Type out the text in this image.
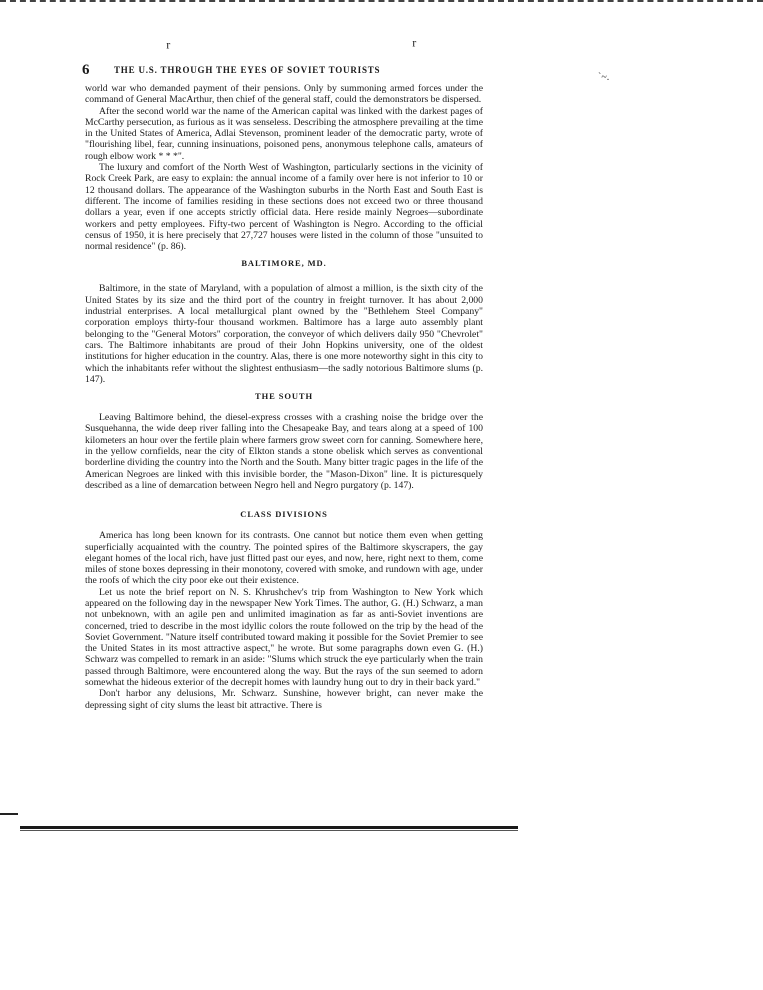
ʳ	ʳ
6	THE U.S. THROUGH THE EYES OF SOVIET TOURISTS
`~.

world war who demanded payment of their pensions. Only by summoning armed forces under the command of General MacArthur, then chief of the general staff, could the demonstrators be dispersed.

After the second world war the name of the American capital was linked with the darkest pages of McCarthy persecution, as furious as it was senseless. Describing the atmosphere prevailing at the time in the United States of America, Adlai Stevenson, prominent leader of the democratic party, wrote of "flourishing libel, fear, cunning insinuations, poisoned pens, anonymous telephone calls, amateurs of rough elbow work * * *".

The luxury and comfort of the North West of Washington, particularly sections in the vicinity of Rock Creek Park, are easy to explain: the annual income of a family over here is not inferior to 10 or 12 thousand dollars. The appearance of the Washington suburbs in the North East and South East is different. The income of families residing in these sections does not exceed two or three thousand dollars a year, even if one accepts strictly official data. Here reside mainly Negroes—subordinate workers and petty employees. Fifty-two percent of Washington is Negro. According to the official census of 1950, it is here precisely that 27,727 houses were listed in the column of those "unsuited to normal residence" (p. 86).

BALTIMORE, MD.

Baltimore, in the state of Maryland, with a population of almost a million, is the sixth city of the United States by its size and the third port of the country in freight turnover. It has about 2,000 industrial enterprises. A local metallurgical plant owned by the "Bethlehem Steel Company" corporation employs thirty-four thousand workmen. Baltimore has a large auto assembly plant belonging to the "General Motors" corporation, the conveyor of which delivers daily 950 "Chevrolet" cars. The Baltimore inhabitants are proud of their John Hopkins university, one of the oldest institutions for higher education in the country. Alas, there is one more noteworthy sight in this city to which the inhabitants refer without the slightest enthusiasm—the sadly notorious Baltimore slums (p. 147).

THE SOUTH

Leaving Baltimore behind, the diesel-express crosses with a crashing noise the bridge over the Susquehanna, the wide deep river falling into the Chesapeake Bay, and tears along at a speed of 100 kilometers an hour over the fertile plain where farmers grow sweet corn for canning. Somewhere here, in the yellow cornfields, near the city of Elkton stands a stone obelisk which serves as conventional borderline dividing the country into the North and the South. Many bitter tragic pages in the life of the American Negroes are linked with this invisible border, the "Mason-Dixon" line. It is picturesquely described as a line of demarcation between Negro hell and Negro purgatory (p. 147).

CLASS DIVISIONS

America has long been known for its contrasts. One cannot but notice them even when getting superficially acquainted with the country. The pointed spires of the Baltimore skyscrapers, the gay elegant homes of the local rich, have just flitted past our eyes, and now, here, right next to them, come miles of stone boxes depressing in their monotony, covered with smoke, and rundown with age, under the roofs of which the city poor eke out their existence.

Let us note the brief report on N. S. Khrushchev's trip from Washington to New York which appeared on the following day in the newspaper New York Times. The author, G. (H.) Schwarz, a man not unbeknown, with an agile pen and unlimited imagination as far as anti-Soviet inventions are concerned, tried to describe in the most idyllic colors the route followed on the trip by the head of the Soviet Government. "Nature itself contributed toward making it possible for the Soviet Premier to see the United States in its most attractive aspect," he wrote. But some paragraphs down even G. (H.) Schwarz was compelled to remark in an aside: "Slums which struck the eye particularly when the train passed through Baltimore, were encountered along the way. But the rays of the sun seemed to adorn somewhat the hideous exterior of the decrepit homes with laundry hung out to dry in their back yard."

Don't harbor any delusions, Mr. Schwarz. Sunshine, however bright, can never make the depressing sight of city slums the least bit attractive. There is
